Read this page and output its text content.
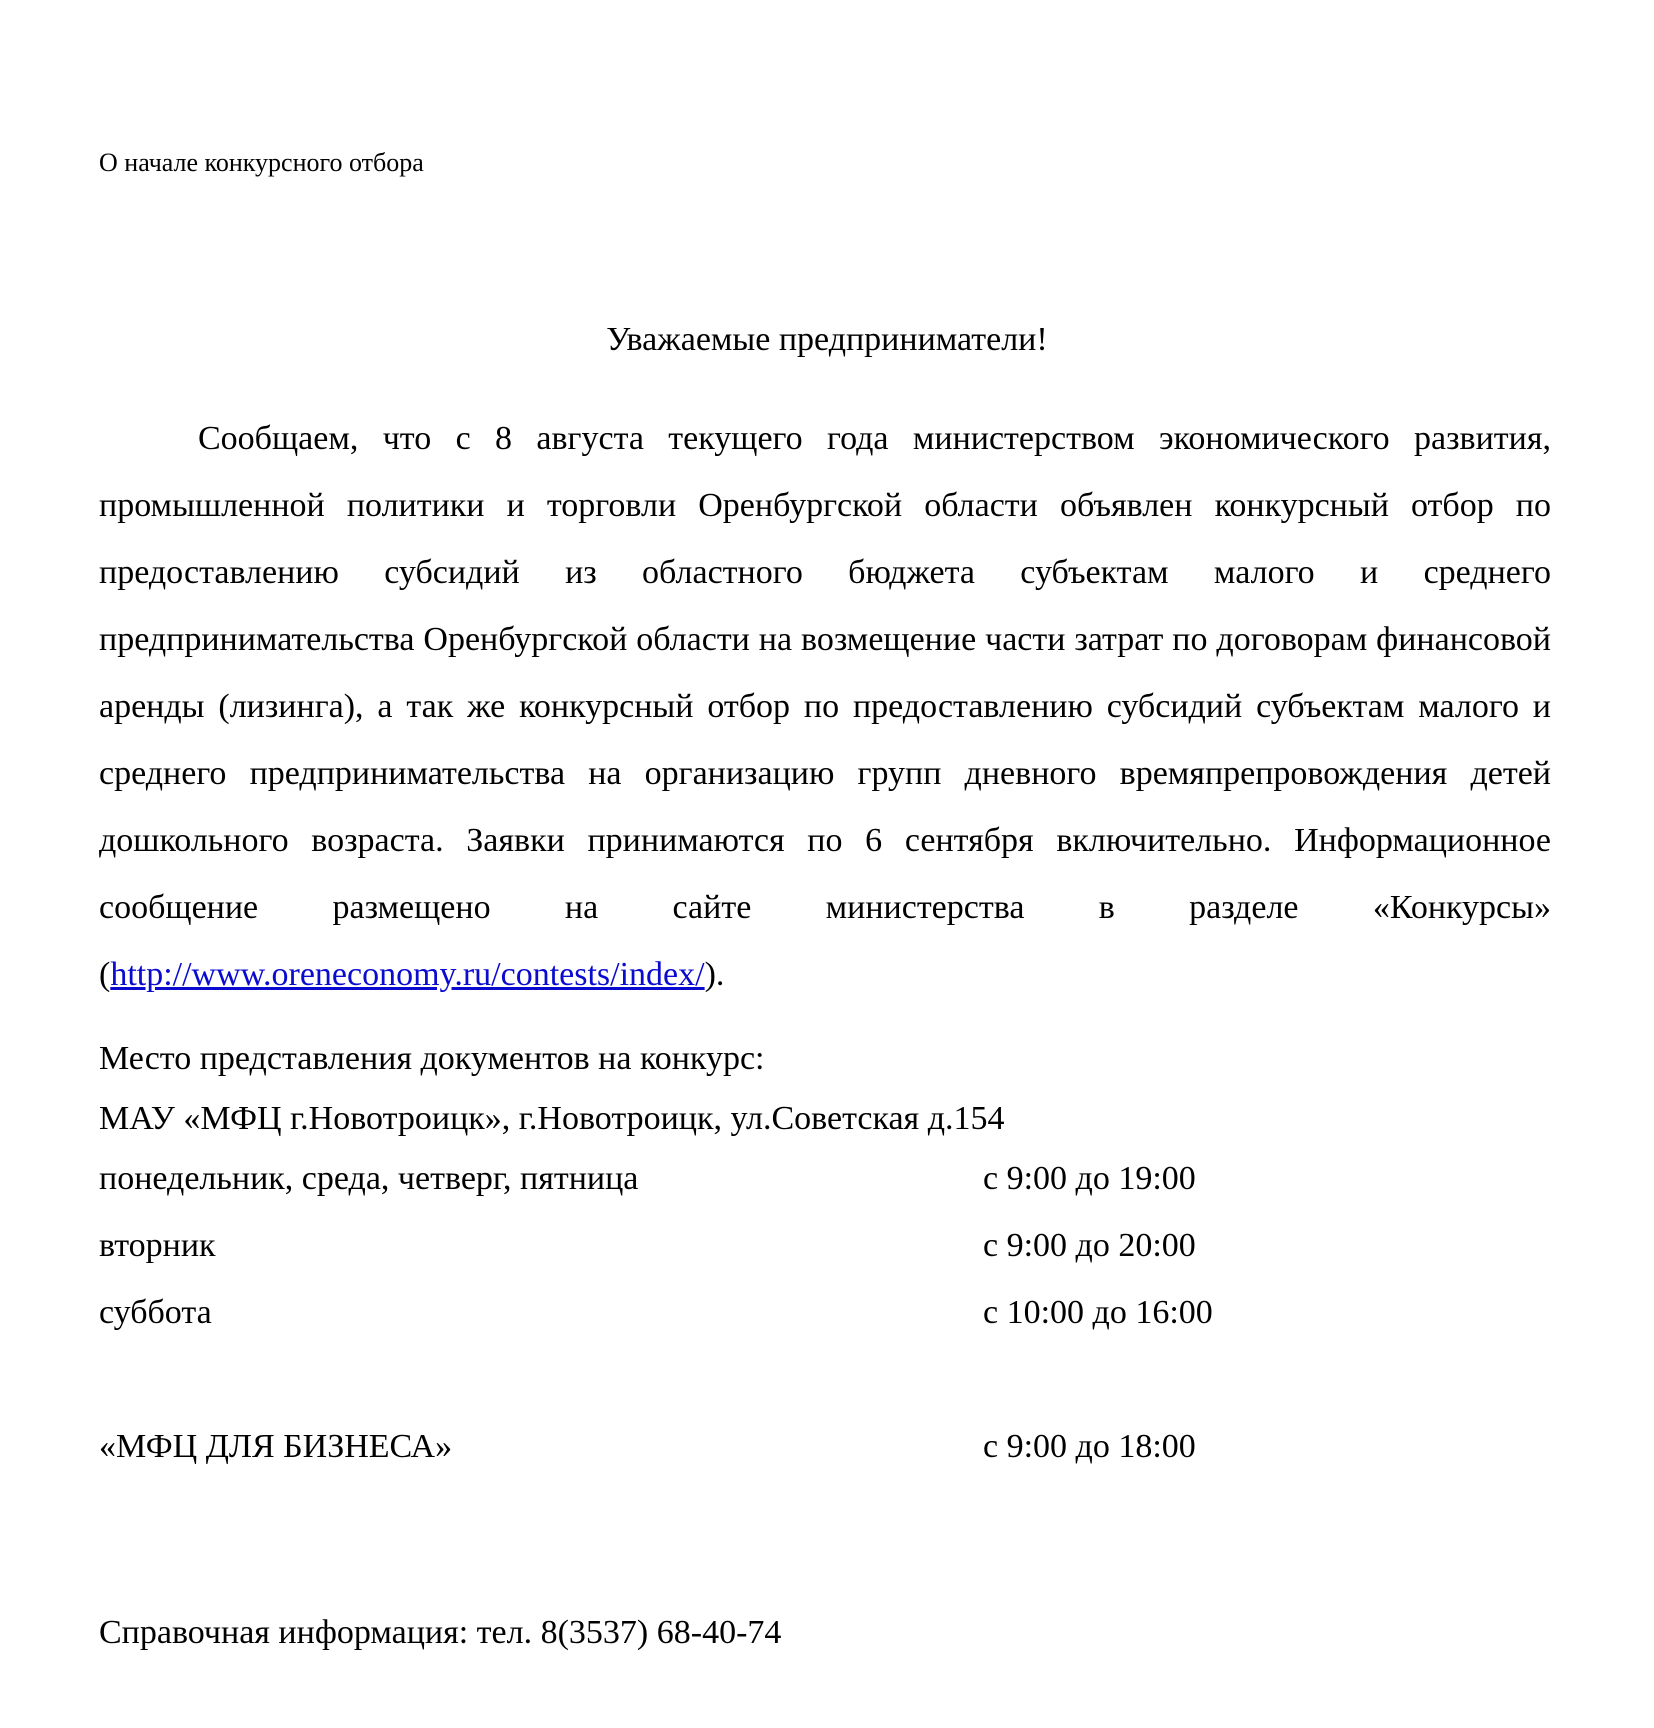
О начале конкурсного отбора
Уважаемые предприниматели!

Сообщаем, что с 8 августа текущего года министерством экономического развития, промышленной политики и торговли Оренбургской области объявлен конкурсный отбор по предоставлению субсидий из областного бюджета субъектам малого и среднего предпринимательства Оренбургской области на возмещение части затрат по договорам финансовой аренды (лизинга), а так же конкурсный отбор по предоставлению субсидий субъектам малого и среднего предпринимательства на организацию групп дневного времяпрепровождения детей дошкольного возраста. Заявки принимаются по 6 сентября включительно. Информационное сообщение размещено на сайте министерства в разделе «Конкурсы» (http://www.oreneconomy.ru/contests/index/).

Место представления документов на конкурс:
МАУ «МФЦ г.Новотроицк», г.Новотроицк, ул.Советская д.154
понедельник, среда, четверг, пятница	с 9:00 до 19:00
вторник	с 9:00 до 20:00
суббота	с 10:00 до 16:00
«МФЦ ДЛЯ БИЗНЕСА»	с 9:00 до 18:00
Справочная информация: тел. 8(3537) 68-40-74
